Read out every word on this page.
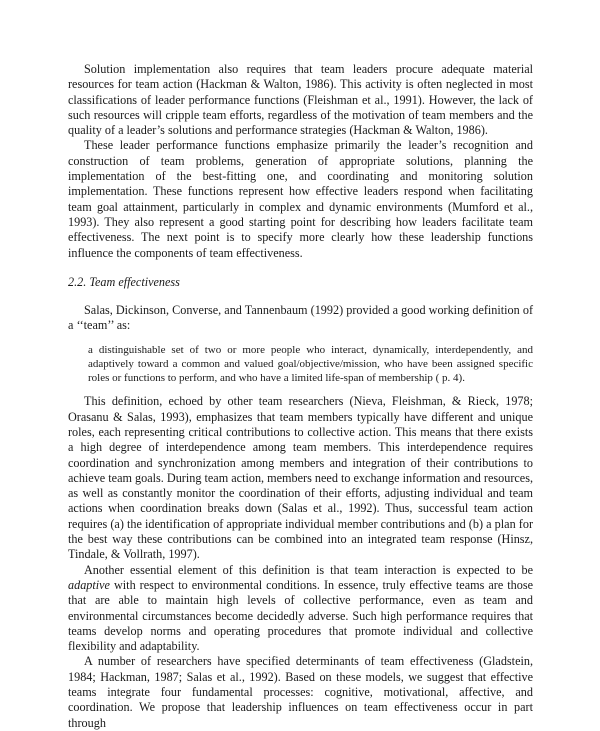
Solution implementation also requires that team leaders procure adequate material resources for team action (Hackman & Walton, 1986). This activity is often neglected in most classifications of leader performance functions (Fleishman et al., 1991). However, the lack of such resources will cripple team efforts, regardless of the motivation of team members and the quality of a leader’s solutions and performance strategies (Hackman & Walton, 1986).

These leader performance functions emphasize primarily the leader’s recognition and construction of team problems, generation of appropriate solutions, planning the implementation of the best-fitting one, and coordinating and monitoring solution implementation. These functions represent how effective leaders respond when facilitating team goal attainment, particularly in complex and dynamic environments (Mumford et al., 1993). They also represent a good starting point for describing how leaders facilitate team effectiveness. The next point is to specify more clearly how these leadership functions influence the components of team effectiveness.

2.2. Team effectiveness

Salas, Dickinson, Converse, and Tannenbaum (1992) provided a good working definition of a ‘‘team’’ as:

a distinguishable set of two or more people who interact, dynamically, interdependently, and adaptively toward a common and valued goal/objective/mission, who have been assigned specific roles or functions to perform, and who have a limited life-span of membership ( p. 4).

This definition, echoed by other team researchers (Nieva, Fleishman, & Rieck, 1978; Orasanu & Salas, 1993), emphasizes that team members typically have different and unique roles, each representing critical contributions to collective action. This means that there exists a high degree of interdependence among team members. This interdependence requires coordination and synchronization among members and integration of their contributions to achieve team goals. During team action, members need to exchange information and resources, as well as constantly monitor the coordination of their efforts, adjusting individual and team actions when coordination breaks down (Salas et al., 1992). Thus, successful team action requires (a) the identification of appropriate individual member contributions and (b) a plan for the best way these contributions can be combined into an integrated team response (Hinsz, Tindale, & Vollrath, 1997).

Another essential element of this definition is that team interaction is expected to be adaptive with respect to environmental conditions. In essence, truly effective teams are those that are able to maintain high levels of collective performance, even as team and environmental circumstances become decidedly adverse. Such high performance requires that teams develop norms and operating procedures that promote individual and collective flexibility and adaptability.

A number of researchers have specified determinants of team effectiveness (Gladstein, 1984; Hackman, 1987; Salas et al., 1992). Based on these models, we suggest that effective teams integrate four fundamental processes: cognitive, motivational, affective, and coordination. We propose that leadership influences on team effectiveness occur in part through
